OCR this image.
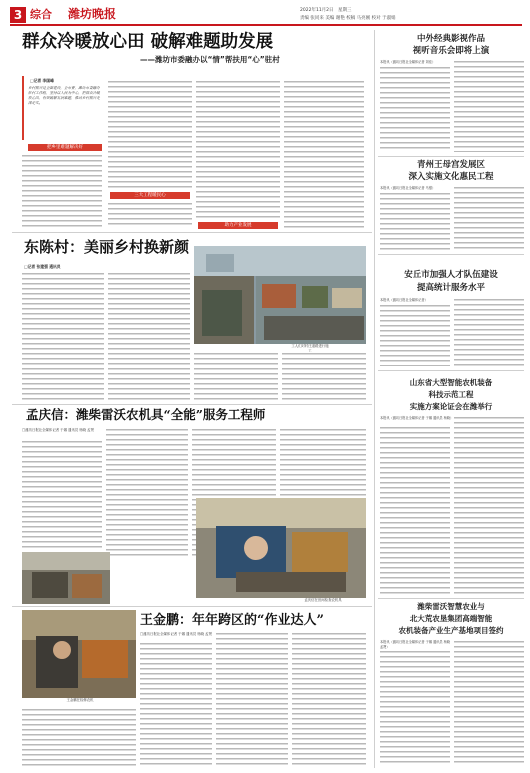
3 综合 潍坊晚报	2022年11月2日　星期三
责编 张同来 美编 谢艳 校稿 马亮刚 校对 于淑娟
群众冷暖放心田 破解难题助发展
——潍坊市委融办以“情”帮扶用“心”驻村
□记者 李国峰
乡村振兴是全面建设，全市要，潍坊市委融办驻村工作组，坚持以人民为中心，把群众冷暖放心田，有效破解发展难题，推动乡村振兴走深走实。
把乡里难题解决好
三大工程暖民心
助力产业发展
东陈村：美丽乡村换新颜
□记者 张建强 通讯员
工人们对村庄道路进行施工
孟庆信：潍柴雷沃农机具“全能”服务工程师
□潍坊日报社全媒体记者 于娜 通讯员 杨晓 孟贤
孟庆信在田间检查农机具
王金鹏在检修农机
王金鹏：年年跨区的“作业达人”
□潍坊日报社全媒体记者 于娜 通讯员 杨晓 孟贤
中外经典影视作品
视听音乐会即将上演
本报讯（潍坊日报社全媒体记者 刘佳）
青州王母宫发展区
深入实施文化惠民工程
本报讯（潍坊日报社全媒体记者 马强）
安丘市加强人才队伍建设
提高统计服务水平
本报讯（潍坊日报社全媒体记者）
山东省大型智能农机装备
科技示范工程
实施方案论证会在潍举行
本报讯（潍坊日报社全媒体记者 于娜 通讯员 杨晓）
潍柴雷沃智慧农业与
北大荒农垦集团高端智能
农机装备产业生产基地项目签约
本报讯（潍坊日报社全媒体记者 于娜 通讯员 杨晓 孟贤）
